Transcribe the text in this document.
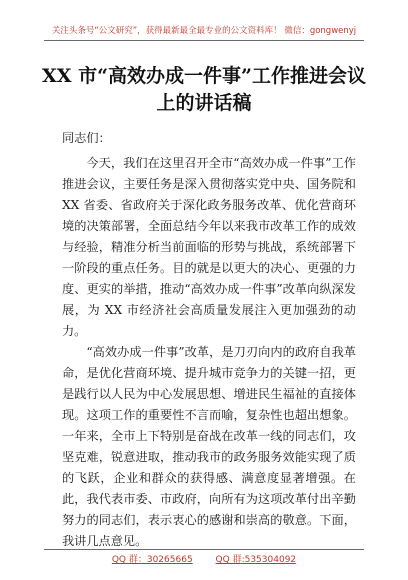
关注头条号“公文研究”，获得最新最全最专业的公文资料库！ 微信：gongwenyj
XX 市“高效办成一件事”工作推进会议
上的讲话稿

同志们：

今天，我们在这里召开全市“高效办成一件事”工作推进会议，主要任务是深入贯彻落实党中央、国务院和 XX 省委、省政府关于深化政务服务改革、优化营商环境的决策部署，全面总结今年以来我市改革工作的成效与经验，精准分析当前面临的形势与挑战，系统部署下一阶段的重点任务。目的就是以更大的决心、更强的力度、更实的举措，推动“高效办成一件事”改革向纵深发展，为 XX 市经济社会高质量发展注入更加强劲的动力。

“高效办成一件事”改革，是刀刃向内的政府自我革命，是优化营商环境、提升城市竞争力的关键一招，更是践行以人民为中心发展思想、增进民生福祉的直接体现。这项工作的重要性不言而喻，复杂性也超出想象。一年来，全市上下特别是奋战在改革一线的同志们，攻坚克难，锐意进取，推动我市的政务服务效能实现了质的飞跃，企业和群众的获得感、满意度显著增强。在此，我代表市委、市政府，向所有为这项改革付出辛勤努力的同志们，表示衷心的感谢和崇高的敬意。下面，我讲几点意见。

QQ 群：30265665	QQ 群:535304092
